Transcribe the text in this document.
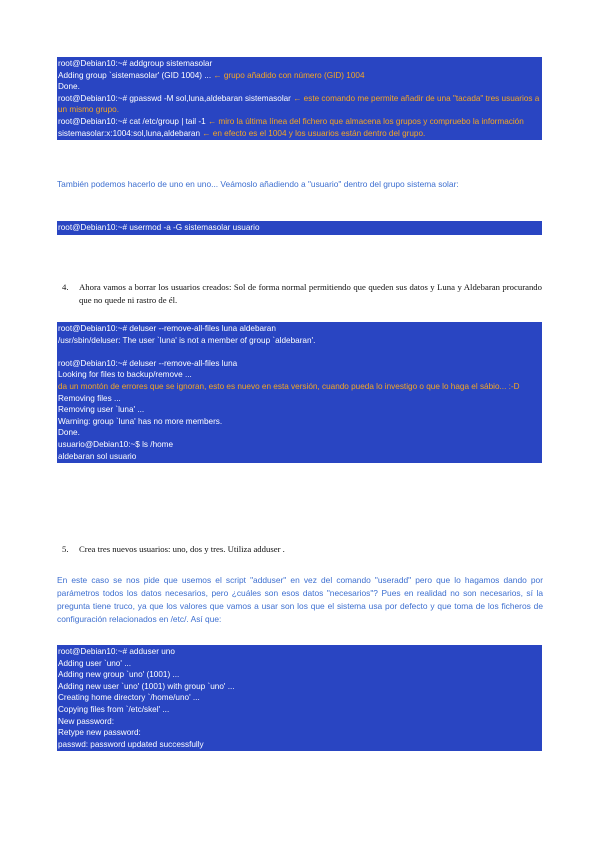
root@Debian10:~# addgroup sistemasolar
Adding group `sistemasolar' (GID 1004) ... ← grupo añadido con número (GID) 1004
Done.
root@Debian10:~# gpasswd -M sol,luna,aldebaran sistemasolar ← este comando me permite añadir de una "tacada" tres usuarios a un mismo grupo.
root@Debian10:~# cat /etc/group | tail -1 ← miro la última línea del fichero que almacena los grupos y compruebo la información
sistemasolar:x:1004:sol,luna,aldebaran ← en efecto es el 1004 y los usuarios están dentro del grupo.
También podemos hacerlo de uno en uno... Veámoslo añadiendo a "usuario" dentro del grupo sistema solar:
root@Debian10:~# usermod -a -G sistemasolar usuario
4. Ahora vamos a borrar los usuarios creados: Sol de forma normal permitiendo que queden sus datos y Luna y Aldebaran procurando que no quede ni rastro de él.
root@Debian10:~# deluser --remove-all-files luna aldebaran
/usr/sbin/deluser: The user `luna' is not a member of group `aldebaran'.
root@Debian10:~# deluser --remove-all-files luna
Looking for files to backup/remove ...
da un montón de errores que se ignoran, esto es nuevo en esta versión, cuando pueda lo investigo o que lo haga el sábio... :-D
Removing files ...
Removing user `luna' ...
Warning: group `luna' has no more members.
Done.
usuario@Debian10:~$ ls /home
aldebaran sol usuario
5. Crea tres nuevos usuarios: uno, dos y tres. Utiliza adduser .
En este caso se nos pide que usemos el script "adduser" en vez del comando "useradd" pero que lo hagamos dando por parámetros todos los datos necesarios, pero ¿cuáles son esos datos "necesarios"? Pues en realidad no son necesarios, sí la pregunta tiene truco, ya que los valores que vamos a usar son los que el sistema usa por defecto y que toma de los ficheros de configuración relacionados en /etc/. Así que:
root@Debian10:~# adduser uno
Adding user `uno' ...
Adding new group `uno' (1001) ...
Adding new user `uno' (1001) with group `uno' ...
Creating home directory `/home/uno' ...
Copying files from `/etc/skel' ...
New password:
Retype new password:
passwd: password updated successfully
